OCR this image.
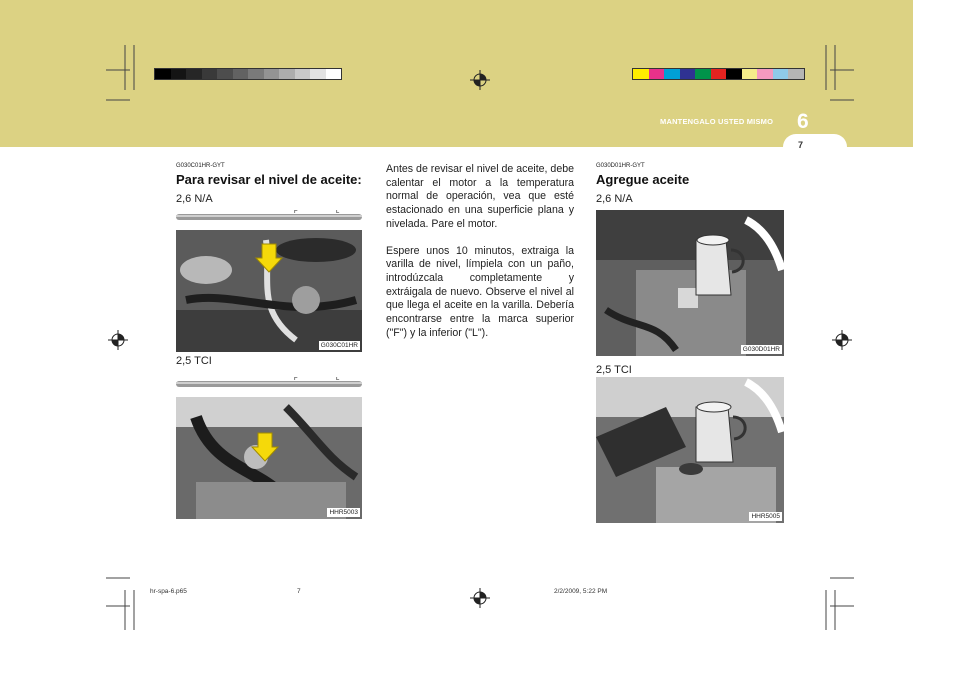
MANTENGALO USTED MISMO 6
7
G030C01HR-GYT
Para revisar el nivel de aceite:
2,6 N/A
F	L
G030C01HR
2,5 TCI
F	L
HHR5003

Antes de revisar el nivel de aceite, debe calentar el motor a la temperatura normal de operación, vea que esté estacionado en una superficie plana y nivelada. Pare el motor.

Espere unos 10 minutos, extraiga la varilla de nivel, límpiela con un paño, introdúzcala completamente y extráigala de nuevo. Observe el nivel al que llega el aceite en la varilla. Debería encontrarse entre la marca superior ("F") y la inferior ("L").

G030D01HR-GYT
Agregue aceite
2,6 N/A
G030D01HR
2,5 TCI
HHR5005
hr-spa-6.p65	7	2/2/2009, 5:22 PM
